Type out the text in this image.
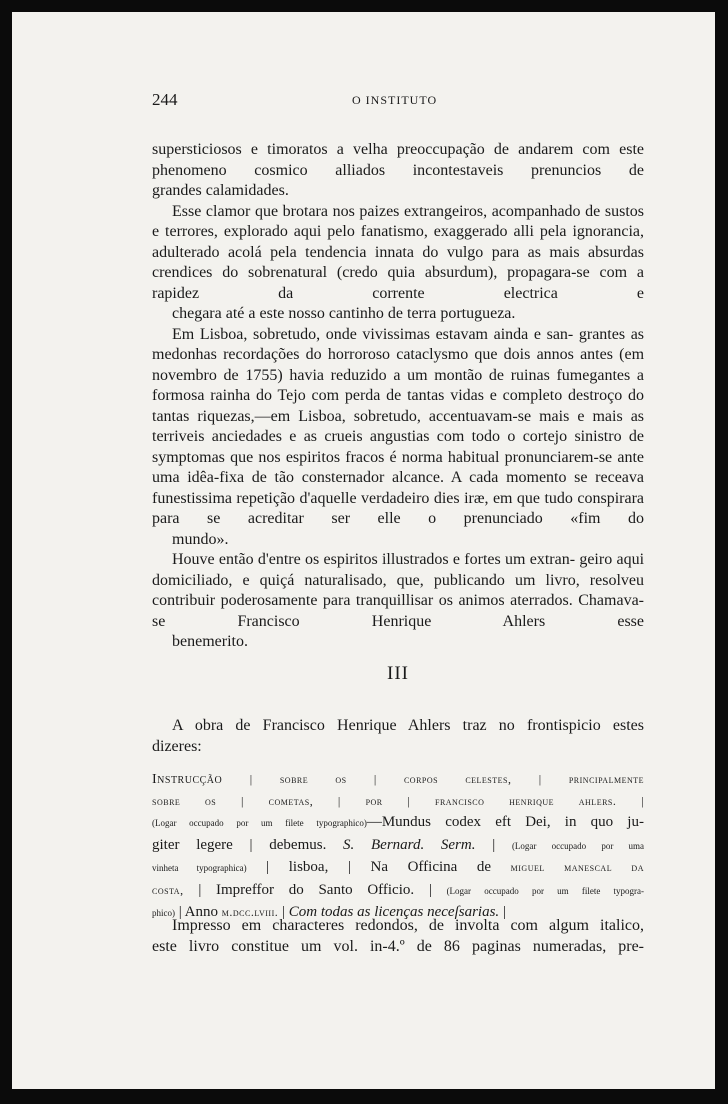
244	O INSTITUTO

supersticiosos e timoratos a velha preoccupação de andarem com este phenomeno cosmico alliados incontestaveis prenuncios de
grandes calamidades.

Esse clamor que brotara nos paizes extrangeiros, acompanhado de sustos e terrores, explorado aqui pelo fanatismo, exaggerado alli pela ignorancia, adulterado acolá pela tendencia innata do vulgo para as mais absurdas crendices do sobrenatural (credo quia absurdum), propagara-se com a rapidez da corrente electrica e
chegara até a este nosso cantinho de terra portugueza.

Em Lisboa, sobretudo, onde vivissimas estavam ainda e san- grantes as medonhas recordações do horroroso cataclysmo que dois annos antes (em novembro de 1755) havia reduzido a um montão de ruinas fumegantes a formosa rainha do Tejo com perda de tantas vidas e completo destroço do tantas riquezas,—em Lisboa, sobretudo, accentuavam-se mais e mais as terriveis anciedades e as crueis angustias com todo o cortejo sinistro de symptomas que nos espiritos fracos é norma habitual pronunciarem-se ante uma idêa-fixa de tão consternador alcance. A cada momento se receava funestissima repetição d'aquelle verdadeiro dies iræ, em que tudo conspirara para se acreditar ser elle o prenunciado «fim do
mundo».

Houve então d'entre os espiritos illustrados e fortes um extran- geiro aqui domiciliado, e quiçá naturalisado, que, publicando um livro, resolveu contribuir poderosamente para tranquillisar os animos aterrados. Chamava-se Francisco Henrique Ahlers esse
benemerito.

III

A obra de Francisco Henrique Ahlers traz no frontispicio estes

dizeres:

Instrucção | sobre os | corpos celestes, | principalmente
sobre os | cometas, | por | francisco henrique ahlers. |
(Logar occupado por um filete typographico)—Mundus codex eft Dei, in quo ju-
giter legere | debemus. S. Bernard. Serm. | (Logar occupado por uma
vinheta typographica) | lisboa, | Na Officina de miguel manescal da
costa, | Impreffor do Santo Officio. | (Logar occupado por um filete typogra-
phico) | Anno m.dcc.lviii. | Com todas as licenças neceſsarias. |

Impresso em characteres redondos, de involta com algum italico,

este livro constitue um vol. in-4.º de 86 paginas numeradas, pre-
